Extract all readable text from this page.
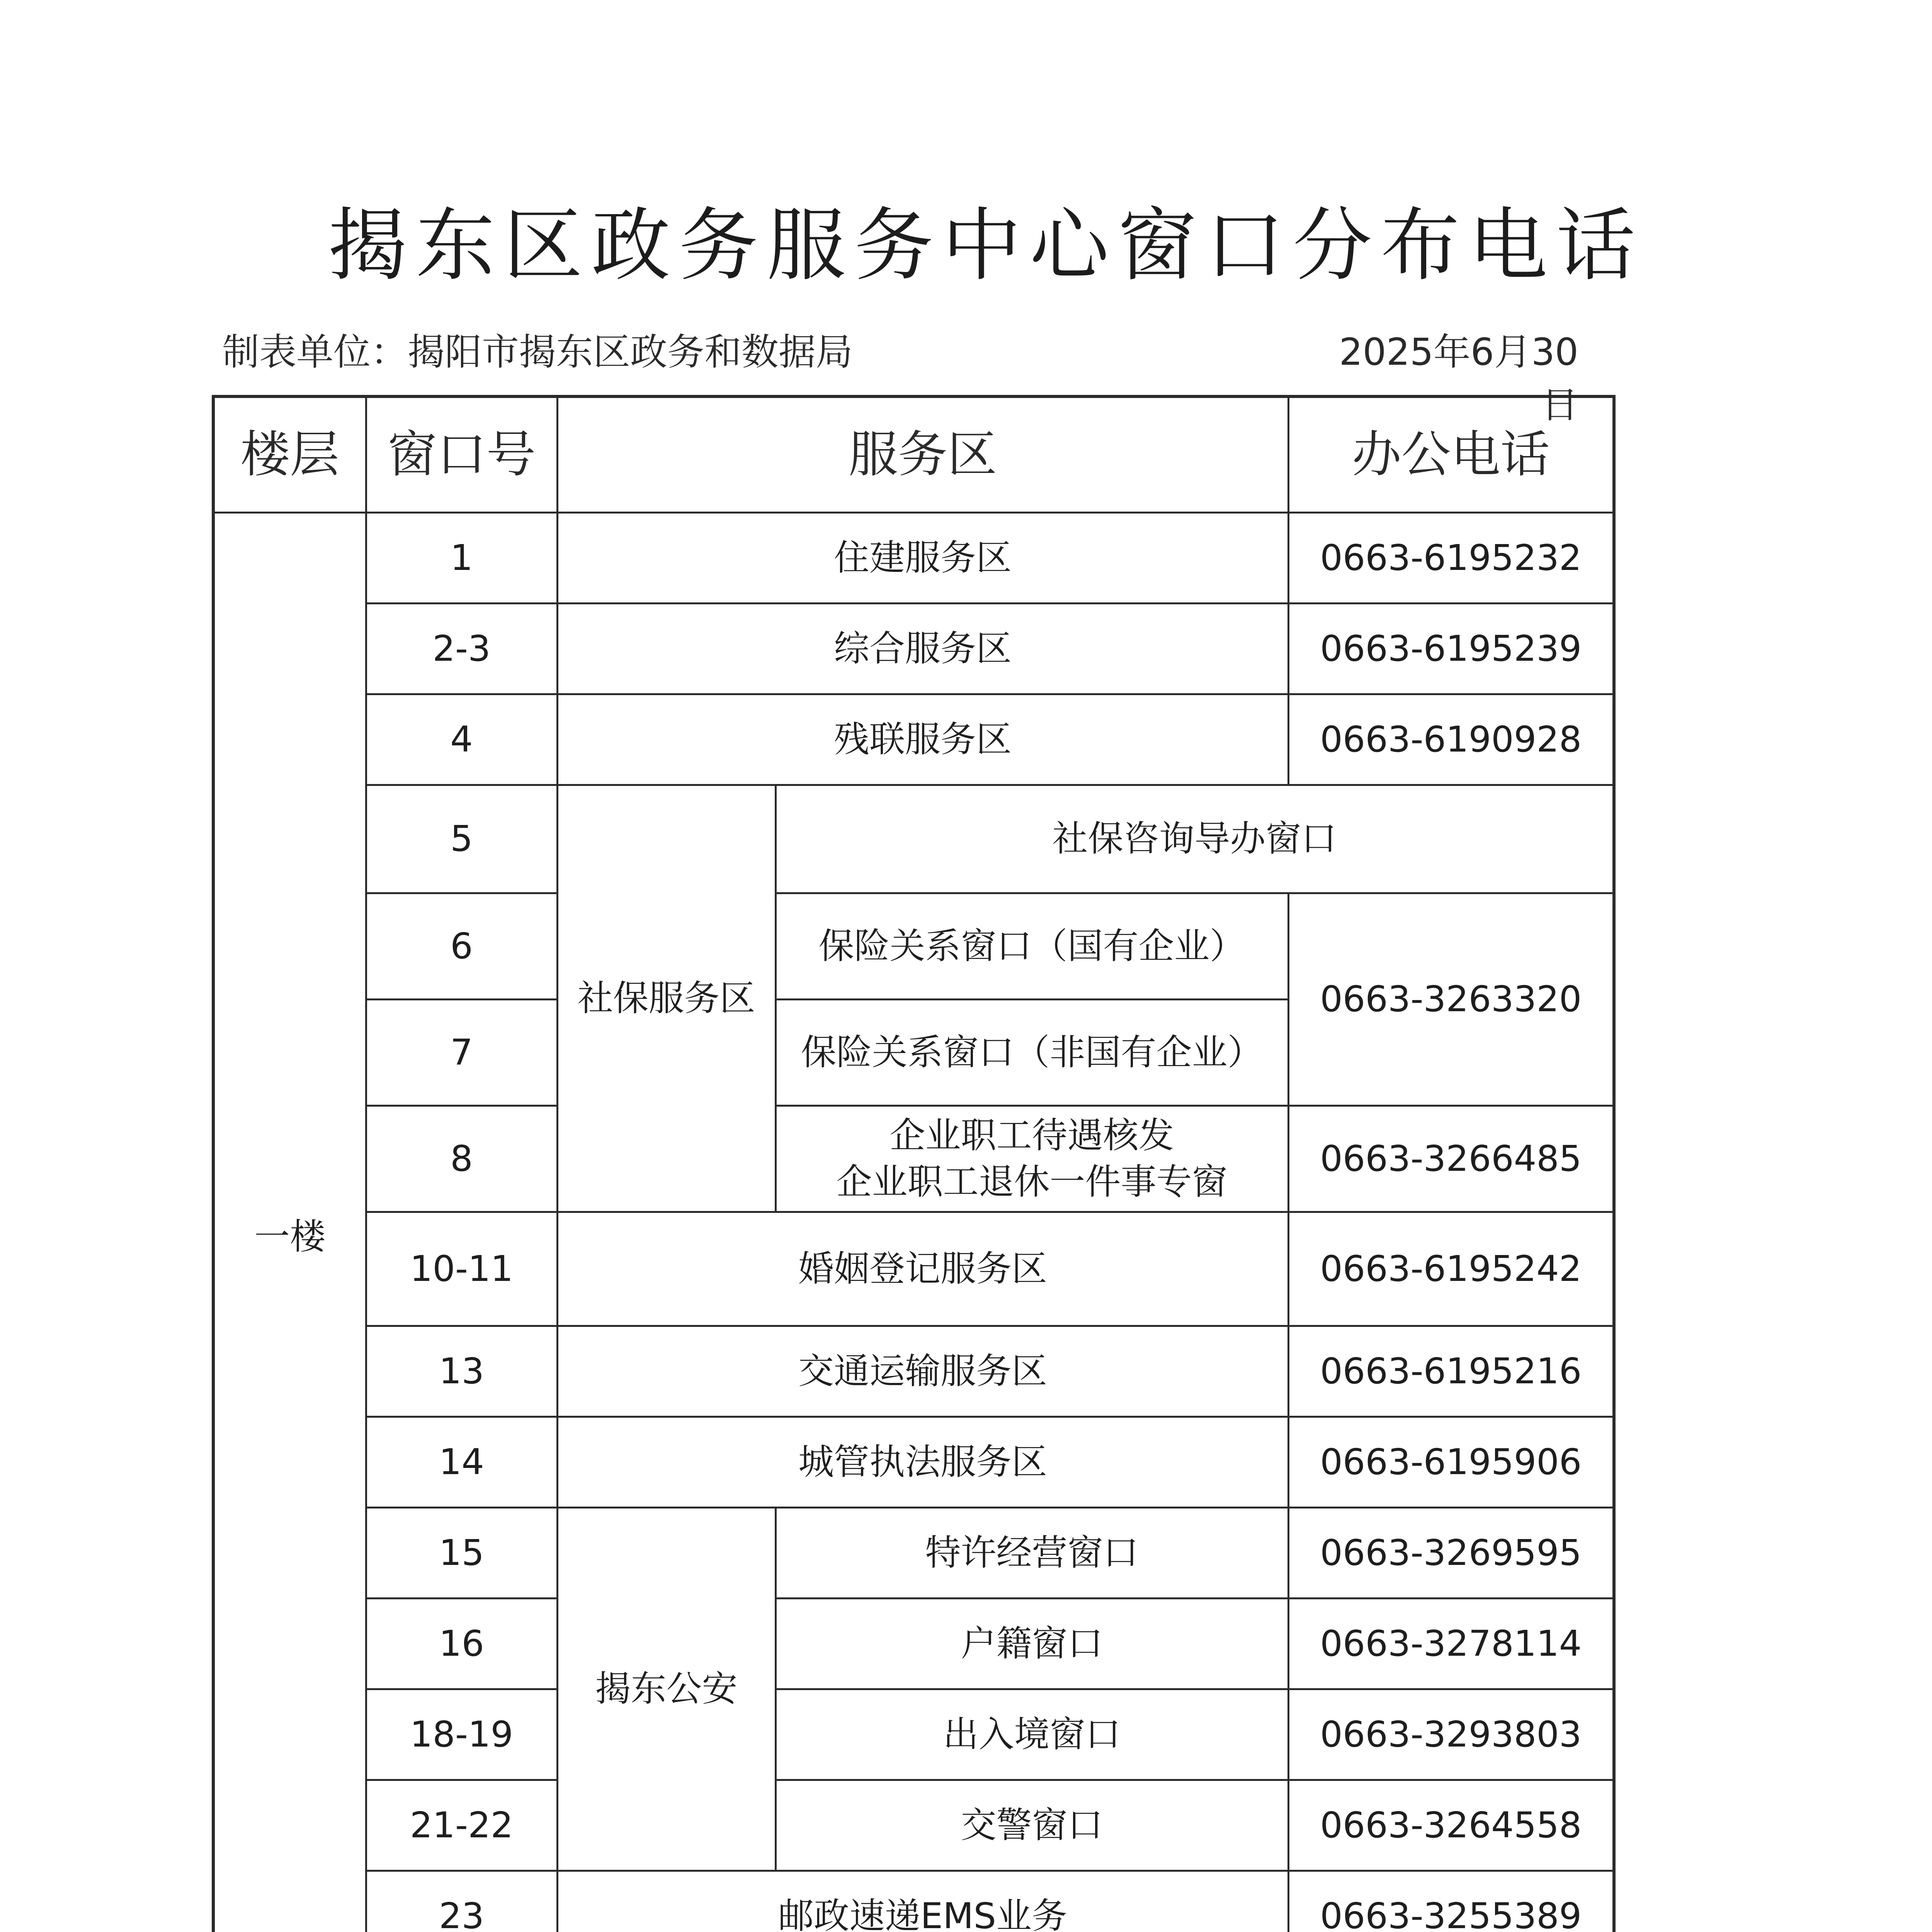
揭东区政务服务中心窗口分布电话
制表单位：揭阳市揭东区政务和数据局	2025年6月30日
楼层	窗口号	服务区		办公电话
一楼	1	住建服务区		0663-6195232
	2-3	综合服务区		0663-6195239
	4	残联服务区		0663-6190928
	5	社保服务区	社保咨询导办窗口	
	6		保险关系窗口（国有企业）	0663-3263320
	7		保险关系窗口（非国有企业）	
	8		企业职工待遇核发
企业职工退休一件事专窗	0663-3266485
	10-11	婚姻登记服务区		0663-6195242
	13	交通运输服务区		0663-6195216
	14	城管执法服务区		0663-6195906
	15	揭东公安	特许经营窗口	0663-3269595
	16		户籍窗口	0663-3278114
	18-19		出入境窗口	0663-3293803
	21-22		交警窗口	0663-3264558
	23	邮政速递EMS业务		0663-3255389
